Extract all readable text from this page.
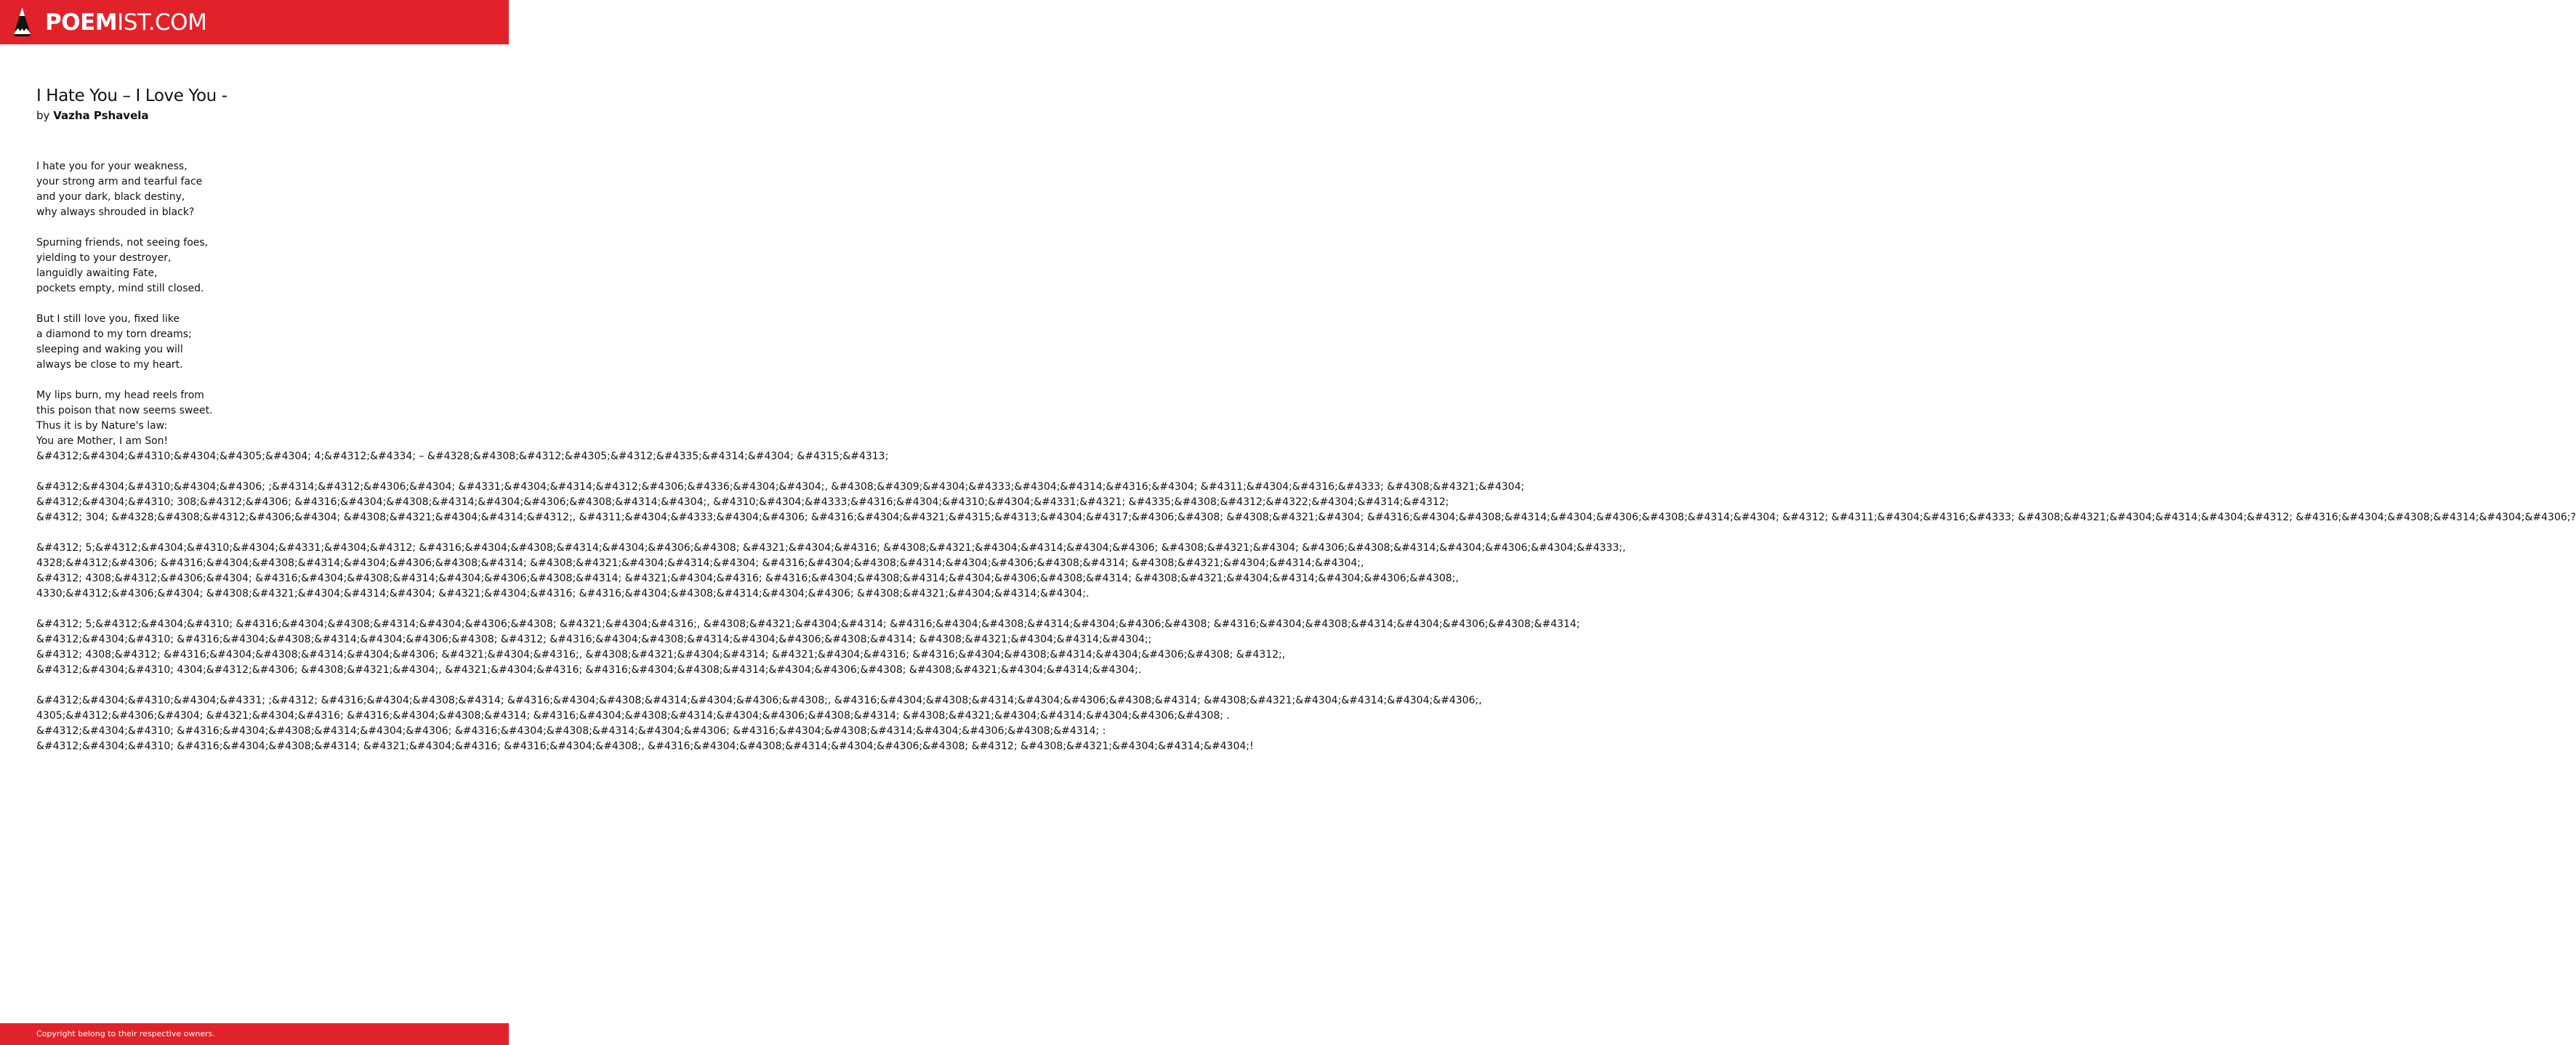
POEMIST.COM
I Hate You – I Love You -
by Vazha Pshavela
I hate you for your weakness,
your strong arm and tearful face
and your dark, black destiny,
why always shrouded in black?
Spurning friends, not seeing foes,
yielding to your destroyer,
languidly awaiting Fate,
pockets empty, mind still closed.
But I still love you, fixed like
a diamond to my torn dreams;
sleeping and waking you will
always be close to my heart.
My lips burn, my head reels from
this poison that now seems sweet.
Thus it is by Nature's law:
You are Mother, I am Son!
&#4312;&#4304;&#4310;&#4304;&#4305;&#4304; 4;&#4312;&#4334; – &#4328;&#4308;&#4312;&#4305;&#4312;&#4335;&#4314;&#4304; &#4315;&#4313;
&#4312;&#4304;&#4310;&#4304;&#4306; ;&#4314;&#4312;&#4306;&#4304; &#4331;&#4304;&#4314;&#4312;&#4306;&#4336;&#4304;&#4304;, &#4308;&#4309;&#4304;&#4333;&#4304;&#4314;&#4316;&#4304; &#4311;&#4304;&#4316;&#4333; &#4308;&#4321;&#4304;
&#4312;&#4304;&#4310; 308;&#4312;&#4306; &#4316;&#4304;&#4308;&#4314;&#4304;&#4306;&#4308;&#4314;&#4304;, &#4310;&#4304;&#4333;&#4316;&#4304;&#4310;&#4304;&#4331;&#4321; &#4335;&#4308;&#4312;&#4322;&#4304;&#4314;&#4312;
&#4312; 304; &#4328;&#4308;&#4312;&#4306;&#4304; &#4308;&#4321;&#4304;&#4314;&#4312;, &#4311;&#4304;&#4333;&#4304;&#4306; &#4316;&#4304;&#4321;&#4315;&#4313;&#4304;&#4317;&#4306;&#4308; &#4308;&#4321;&#4304; &#4316;&#4304;&#4308;&#4314;&#4304;&#4306;&#4308;&#4314;&#4304; &#4312; &#4311;&#4304;&#4316;&#4333; &#4308;&#4321;&#4304;&#4314;&#4304;&#4312; &#4316;&#4304;&#4308;&#4314;&#4304;&#4306;?
&#4312; 5;&#4312;&#4304;&#4310;&#4304;&#4331;&#4304;&#4312; &#4316;&#4304;&#4308;&#4314;&#4304;&#4306;&#4308; &#4321;&#4304;&#4316; &#4308;&#4321;&#4304;&#4314;&#4304;&#4306; &#4308;&#4321;&#4304; &#4306;&#4308;&#4314;&#4304;&#4306;&#4304;&#4333;,
4328;&#4312;&#4306; &#4316;&#4304;&#4308;&#4314;&#4304;&#4306;&#4308;&#4314; &#4308;&#4321;&#4304;&#4314;&#4304; &#4316;&#4304;&#4308;&#4314;&#4304;&#4306;&#4308;&#4314; &#4308;&#4321;&#4304;&#4314;&#4304;,
&#4312; 4308;&#4312;&#4306;&#4304; &#4316;&#4304;&#4308;&#4314;&#4304;&#4306;&#4308;&#4314; &#4321;&#4304;&#4316; &#4316;&#4304;&#4308;&#4314;&#4304;&#4306;&#4308;&#4314; &#4308;&#4321;&#4304;&#4314;&#4304;&#4306;&#4308;,
4330;&#4312;&#4306;&#4304; &#4308;&#4321;&#4304;&#4314;&#4304; &#4321;&#4304;&#4316; &#4316;&#4304;&#4308;&#4314;&#4304;&#4306; &#4308;&#4321;&#4304;&#4314;&#4304;.
&#4312; 5;&#4312;&#4304;&#4310; &#4316;&#4304;&#4308;&#4314;&#4304;&#4306;&#4308; &#4321;&#4304;&#4316;, &#4308;&#4321;&#4304;&#4314; &#4316;&#4304;&#4308;&#4314;&#4304;&#4306;&#4308; &#4316;&#4304;&#4308;&#4314;&#4304;&#4306;&#4308;&#4314;
&#4312;&#4304;&#4310; &#4316;&#4304;&#4308;&#4314;&#4304;&#4306;&#4308; &#4312; &#4316;&#4304;&#4308;&#4314;&#4304;&#4306;&#4308;&#4314; &#4308;&#4321;&#4304;&#4314;&#4304;;
&#4312; 4308;&#4312; &#4316;&#4304;&#4308;&#4314;&#4304;&#4306; &#4321;&#4304;&#4316;, &#4308;&#4321;&#4304;&#4314; &#4321;&#4304;&#4316; &#4316;&#4304;&#4308;&#4314;&#4304;&#4306;&#4308; &#4312;,
&#4312;&#4304;&#4310; 4304;&#4312;&#4306; &#4308;&#4321;&#4304;, &#4321;&#4304;&#4316; &#4316;&#4304;&#4308;&#4314;&#4304;&#4306;&#4308; &#4308;&#4321;&#4304;&#4314;&#4304;.
&#4312;&#4304;&#4310;&#4304;&#4331; ;&#4312; &#4316;&#4304;&#4308;&#4314; &#4316;&#4304;&#4308;&#4314;&#4304;&#4306;&#4308;, &#4316;&#4304;&#4308;&#4314;&#4304;&#4306;&#4308;&#4314; &#4308;&#4321;&#4304;&#4314;&#4304;&#4306;,
4305;&#4312;&#4306;&#4304; &#4321;&#4304;&#4316; &#4316;&#4304;&#4308;&#4314; &#4316;&#4304;&#4308;&#4314;&#4304;&#4306;&#4308;&#4314; &#4308;&#4321;&#4304;&#4314;&#4304;&#4306;&#4308; .
&#4312;&#4304;&#4310; &#4316;&#4304;&#4308;&#4314;&#4304;&#4306; &#4316;&#4304;&#4308;&#4314;&#4304;&#4306; &#4316;&#4304;&#4308;&#4314;&#4304;&#4306;&#4308;&#4314; :
&#4312;&#4304;&#4310; &#4316;&#4304;&#4308;&#4314; &#4321;&#4304;&#4316; &#4316;&#4304;&#4308;, &#4316;&#4304;&#4308;&#4314;&#4304;&#4306;&#4308; &#4312; &#4308;&#4321;&#4304;&#4314;&#4304;!
Copyright belong to their respective owners.
